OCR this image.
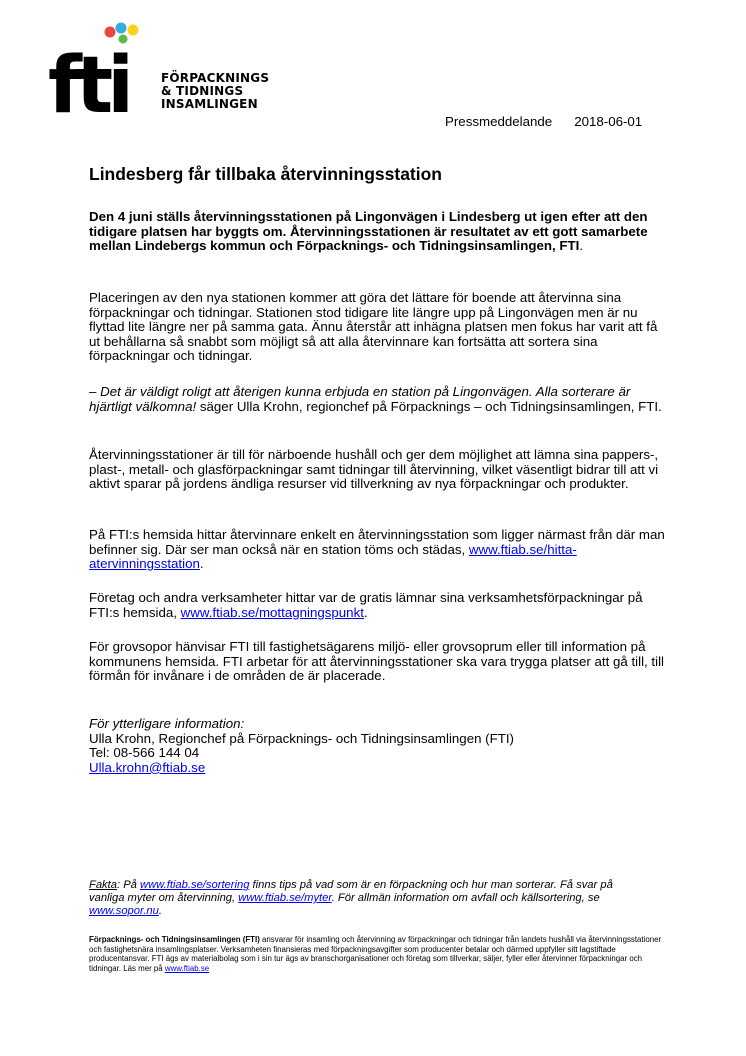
fti	FÖRPACKNINGS
& TIDNINGS
INSAMLINGEN
Pressmeddelande 2018-06-01
Lindesberg får tillbaka återvinningsstation

Den 4 juni ställs återvinningsstationen på Lingonvägen i Lindesberg ut igen efter att den tidigare platsen har byggts om. Återvinningsstationen är resultatet av ett gott samarbete mellan Lindebergs kommun och Förpacknings- och Tidningsinsamlingen, FTI.

Placeringen av den nya stationen kommer att göra det lättare för boende att återvinna sina förpackningar och tidningar. Stationen stod tidigare lite längre upp på Lingonvägen men är nu flyttad lite längre ner på samma gata. Ännu återstår att inhägna platsen men fokus har varit att få ut behållarna så snabbt som möjligt så att alla återvinnare kan fortsätta att sortera sina förpackningar och tidningar.

– Det är väldigt roligt att återigen kunna erbjuda en station på Lingonvägen. Alla sorterare är hjärtligt välkomna! säger Ulla Krohn, regionchef på Förpacknings – och Tidningsinsamlingen, FTI.

Återvinningsstationer är till för närboende hushåll och ger dem möjlighet att lämna sina pappers-, plast-, metall- och glasförpackningar samt tidningar till återvinning, vilket väsentligt bidrar till att vi aktivt sparar på jordens ändliga resurser vid tillverkning av nya förpackningar och produkter.

På FTI:s hemsida hittar återvinnare enkelt en återvinningsstation som ligger närmast från där man befinner sig. Där ser man också när en station töms och städas, www.ftiab.se/hitta-atervinningsstation.

Företag och andra verksamheter hittar var de gratis lämnar sina verksamhetsförpackningar på FTI:s hemsida, www.ftiab.se/mottagningspunkt.

För grovsopor hänvisar FTI till fastighetsägarens miljö- eller grovsoprum eller till information på kommunens hemsida. FTI arbetar för att återvinningsstationer ska vara trygga platser att gå till, till förmån för invånare i de områden de är placerade.

För ytterligare information:
Ulla Krohn, Regionchef på Förpacknings- och Tidningsinsamlingen (FTI)
Tel: 08-566 144 04
Ulla.krohn@ftiab.se
Fakta: På www.ftiab.se/sortering finns tips på vad som är en förpackning och hur man sorterar. Få svar på vanliga myter om återvinning, www.ftiab.se/myter. För allmän information om avfall och källsortering, se www.sopor.nu.
Förpacknings- och Tidningsinsamlingen (FTI) ansvarar för insamling och återvinning av förpackningar och tidningar från landets hushåll via återvinningsstationer och fastighetsnära insamlingsplatser. Verksamheten finansieras med förpackningsavgifter som producenter betalar och därmed uppfyller sitt lagstiftade producentansvar. FTI ägs av materialbolag som i sin tur ägs av branschorganisationer och företag som tillverkar, säljer, fyller eller återvinner förpackningar och tidningar. Läs mer på www.ftiab.se
